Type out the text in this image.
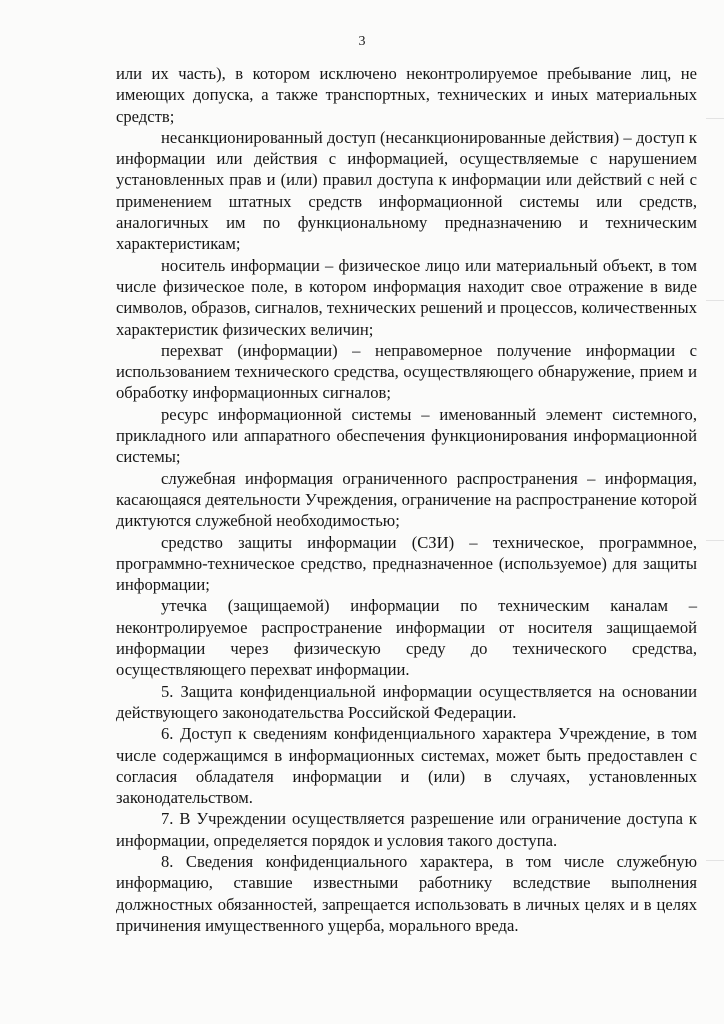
3

или их часть), в котором исключено неконтролируемое пребывание лиц, не имеющих допуска, а также транспортных, технических и иных материальных средств;

несанкционированный доступ (несанкционированные действия) – доступ к информации или действия с информацией, осуществляемые с нарушением установленных прав и (или) правил доступа к информации или действий с ней с применением штатных средств информационной системы или средств, аналогичных им по функциональному предназначению и техническим характеристикам;

носитель информации – физическое лицо или материальный объект, в том числе физическое поле, в котором информация находит свое отражение в виде символов, образов, сигналов, технических решений и процессов, количественных характеристик физических величин;

перехват (информации) – неправомерное получение информации с использованием технического средства, осуществляющего обнаружение, прием и обработку информационных сигналов;

ресурс информационной системы – именованный элемент системного, прикладного или аппаратного обеспечения функционирования информационной системы;

служебная информация ограниченного распространения – информация, касающаяся деятельности Учреждения, ограничение на распространение которой диктуются служебной необходимостью;

средство защиты информации (СЗИ) – техническое, программное, программно-техническое средство, предназначенное (используемое) для защиты информации;

утечка (защищаемой) информации по техническим каналам – неконтролируемое распространение информации от носителя защищаемой информации через физическую среду до технического средства, осуществляющего перехват информации.

5. Защита конфиденциальной информации осуществляется на основании действующего законодательства Российской Федерации.

6. Доступ к сведениям конфиденциального характера Учреждение, в том числе содержащимся в информационных системах, может быть предоставлен с согласия обладателя информации и (или) в случаях, установленных законодательством.

7. В Учреждении осуществляется разрешение или ограничение доступа к информации, определяется порядок и условия такого доступа.

8. Сведения конфиденциального характера, в том числе служебную информацию, ставшие известными работнику вследствие выполнения должностных обязанностей, запрещается использовать в личных целях и в целях причинения имущественного ущерба, морального вреда.
